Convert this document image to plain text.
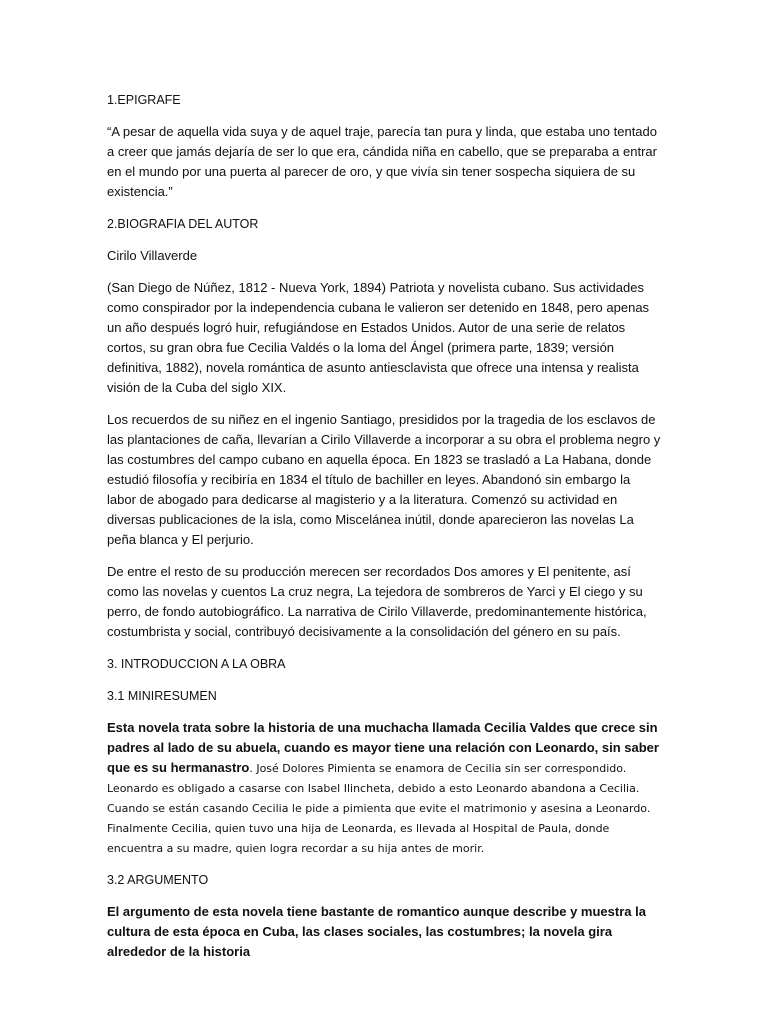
1.EPIGRAFE

“A pesar de aquella vida suya y de aquel traje, parecía tan pura y linda, que estaba uno tentado a creer que jamás dejaría de ser lo que era, cándida niña en cabello, que se preparaba a entrar en el mundo por una puerta al parecer de oro, y que vivía sin tener sospecha siquiera de su existencia.”

2.BIOGRAFIA DEL AUTOR

Cirilo Villaverde

(San Diego de Núñez, 1812 - Nueva York, 1894) Patriota y novelista cubano. Sus actividades como conspirador por la independencia cubana le valieron ser detenido en 1848, pero apenas un año después logró huir, refugiándose en Estados Unidos. Autor de una serie de relatos cortos, su gran obra fue Cecilia Valdés o la loma del Ángel (primera parte, 1839; versión definitiva, 1882), novela romántica de asunto antiesclavista que ofrece una intensa y realista visión de la Cuba del siglo XIX.

Los recuerdos de su niñez en el ingenio Santiago, presididos por la tragedia de los esclavos de las plantaciones de caña, llevarían a Cirilo Villaverde a incorporar a su obra el problema negro y las costumbres del campo cubano en aquella época. En 1823 se trasladó a La Habana, donde estudió filosofía y recibiría en 1834 el título de bachiller en leyes. Abandonó sin embargo la labor de abogado para dedicarse al magisterio y a la literatura. Comenzó su actividad en diversas publicaciones de la isla, como Miscelánea inútil, donde aparecieron las novelas La peña blanca y El perjurio.

De entre el resto de su producción merecen ser recordados Dos amores y El penitente, así como las novelas y cuentos La cruz negra, La tejedora de sombreros de Yarci y El ciego y su perro, de fondo autobiográfico. La narrativa de Cirilo Villaverde, predominantemente histórica, costumbrista y social, contribuyó decisivamente a la consolidación del género en su país.

3. INTRODUCCION A LA OBRA

3.1 MINIRESUMEN

Esta novela trata sobre la historia de una muchacha llamada Cecilia Valdes que crece sin padres al lado de su abuela, cuando es mayor tiene una relación con Leonardo, sin saber que es su hermanastro. José Dolores Pimienta se enamora de Cecilia sin ser correspondido. Leonardo es obligado a casarse con Isabel Ilincheta, debido a esto Leonardo abandona a Cecilia. Cuando se están casando Cecilia le pide a pimienta que evite el matrimonio y asesina a Leonardo. Finalmente Cecilia, quien tuvo una hija de Leonarda, es llevada al Hospital de Paula, donde encuentra a su madre, quien logra recordar a su hija antes de morir.

3.2 ARGUMENTO

El argumento de esta novela tiene bastante de romantico aunque describe y muestra la cultura de esta época en Cuba, las clases sociales, las costumbres; la novela gira alrededor de la historia
